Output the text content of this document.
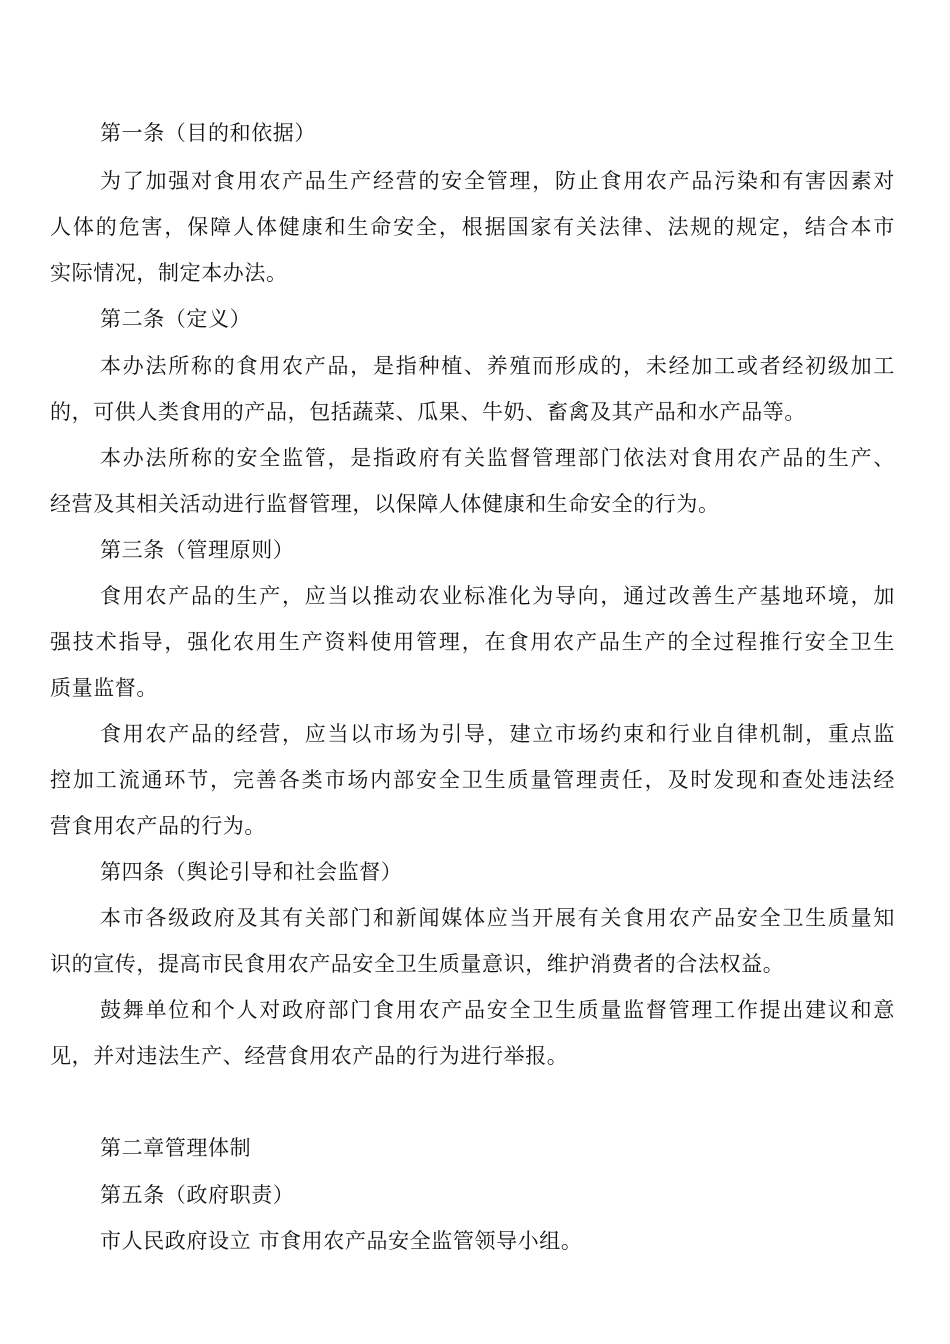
第一条（目的和依据）
为了加强对食用农产品生产经营的安全管理，防止食用农产品污染和有害因素对
人体的危害，保障人体健康和生命安全，根据国家有关法律、法规的规定，结合本市
实际情况，制定本办法。
第二条（定义）
本办法所称的食用农产品，是指种植、养殖而形成的，未经加工或者经初级加工
的，可供人类食用的产品，包括蔬菜、瓜果、牛奶、畜禽及其产品和水产品等。
本办法所称的安全监管，是指政府有关监督管理部门依法对食用农产品的生产、
经营及其相关活动进行监督管理，以保障人体健康和生命安全的行为。
第三条（管理原则）
食用农产品的生产，应当以推动农业标准化为导向，通过改善生产基地环境，加
强技术指导，强化农用生产资料使用管理，在食用农产品生产的全过程推行安全卫生
质量监督。
食用农产品的经营，应当以市场为引导，建立市场约束和行业自律机制，重点监
控加工流通环节，完善各类市场内部安全卫生质量管理责任，及时发现和查处违法经
营食用农产品的行为。
第四条（舆论引导和社会监督）
本市各级政府及其有关部门和新闻媒体应当开展有关食用农产品安全卫生质量知
识的宣传，提高市民食用农产品安全卫生质量意识，维护消费者的合法权益。
鼓舞单位和个人对政府部门食用农产品安全卫生质量监督管理工作提出建议和意
见，并对违法生产、经营食用农产品的行为进行举报。
第二章管理体制
第五条（政府职责）
市人民政府设立 市食用农产品安全监管领导小组。
